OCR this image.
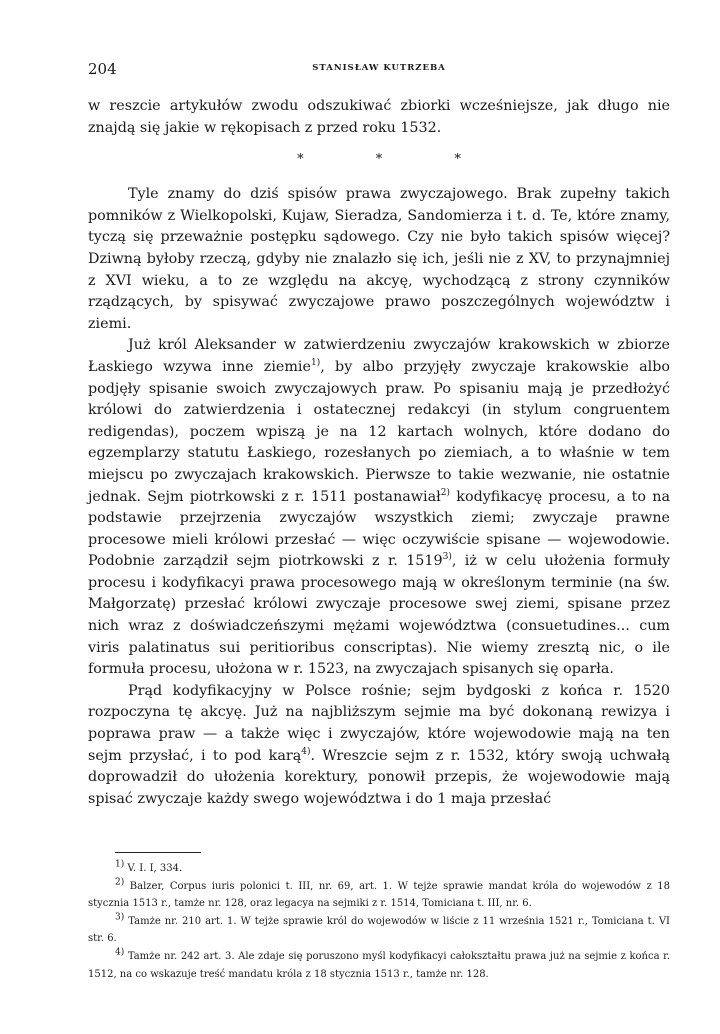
204	STANISŁAW KUTRZEBA

w reszcie artykułów zwodu odszukiwać zbiorki wcześniejsze, jak długo nie znajdą się jakie w rękopisach z przed roku 1532.

* * *

Tyle znamy do dziś spisów prawa zwyczajowego. Brak zupełny takich pomników z Wielkopolski, Kujaw, Sieradza, Sandomierza i t. d. Te, które znamy, tyczą się przeważnie postępku sądowego. Czy nie było takich spisów więcej? Dziwną byłoby rzeczą, gdyby nie znalazło się ich, jeśli nie z XV, to przynajmniej z XVI wieku, a to ze względu na akcyę, wychodzącą z strony czynników rządzących, by spisywać zwyczajowe prawo poszczególnych województw i ziemi.

Już król Aleksander w zatwierdzeniu zwyczajów krakowskich w zbiorze Łaskiego wzywa inne ziemie$^{1)}$, by albo przyjęły zwyczaje krakowskie albo podjęły spisanie swoich zwyczajowych praw. Po spisaniu mają je przedłożyć królowi do zatwierdzenia i ostatecznej redakcyi (in stylum congruentem redigendas), poczem wpiszą je na 12 kartach wolnych, które dodano do egzemplarzy statutu Łaskiego, rozesłanych po ziemiach, a to właśnie w tem miejscu po zwyczajach krakowskich. Pierwsze to takie wezwanie, nie ostatnie jednak. Sejm piotrkowski z r. 1511 postanawiał$^{2)}$ kodyfikacyę procesu, a to na podstawie przejrzenia zwyczajów wszystkich ziemi; zwyczaje prawne procesowe mieli królowi przesłać — więc oczywiście spisane — wojewodowie. Podobnie zarządził sejm piotrkowski z r. 1519$^{3)}$, iż w celu ułożenia formuły procesu i kodyfikacyi prawa procesowego mają w określonym terminie (na św. Małgorzatę) przesłać królowi zwyczaje procesowe swej ziemi, spisane przez nich wraz z doświadczeńszymi mężami województwa (consuetudines... cum viris palatinatus sui peritioribus conscriptas). Nie wiemy zresztą nic, o ile formuła procesu, ułożona w r. 1523, na zwyczajach spisanych się oparła.

Prąd kodyfikacyjny w Polsce rośnie; sejm bydgoski z końca r. 1520 rozpoczyna tę akcyę. Już na najbliższym sejmie ma być dokonaną rewizya i poprawa praw — a także więc i zwyczajów, które wojewodowie mają na ten sejm przysłać, i to pod karą$^{4)}$. Wreszcie sejm z r. 1532, który swoją uchwałą doprowadził do ułożenia korektury, ponowił przepis, że wojewodowie mają spisać zwyczaje każdy swego województwa i do 1 maja przesłać

$^{1)}$ V. I. I, 334.

$^{2)}$ Balzer, Corpus iuris polonici t. III, nr. 69, art. 1. W tejże sprawie mandat króla do wojewodów z 18 stycznia 1513 r., tamże nr. 128, oraz legacya na sejmiki z r. 1514, Tomiciana t. III, nr. 6.

$^{3)}$ Tamże nr. 210 art. 1. W tejże sprawie król do wojewodów w liście z 11 września 1521 r., Tomiciana t. VI str. 6.

$^{4)}$ Tamże nr. 242 art. 3. Ale zdaje się poruszono myśl kodyfikacyi całokształtu prawa już na sejmie z końca r. 1512, na co wskazuje treść mandatu króla z 18 stycznia 1513 r., tamże nr. 128.
